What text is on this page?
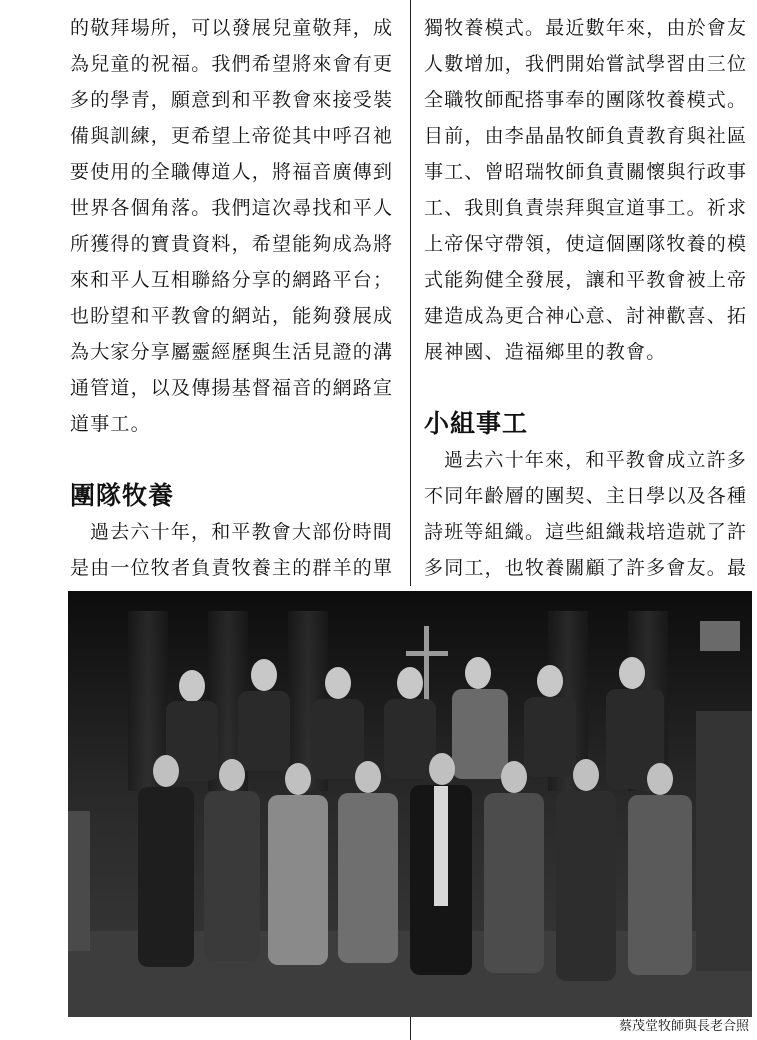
的敬拜場所，可以發展兒童敬拜，成為兒童的祝福。我們希望將來會有更多的學青，願意到和平教會來接受裝備與訓練，更希望上帝從其中呼召祂要使用的全職傳道人，將福音廣傳到世界各個角落。我們這次尋找和平人所獲得的寶貴資料，希望能夠成為將來和平人互相聯絡分享的網路平台；也盼望和平教會的網站，能夠發展成為大家分享屬靈經歷與生活見證的溝通管道，以及傳揚基督福音的網路宣道事工。

團隊牧養

過去六十年，和平教會大部份時間是由一位牧者負責牧養主的群羊的單

獨牧養模式。最近數年來，由於會友人數增加，我們開始嘗試學習由三位全職牧師配搭事奉的團隊牧養模式。目前，由李晶晶牧師負責教育與社區事工、曾昭瑞牧師負責關懷與行政事工、我則負責崇拜與宣道事工。祈求上帝保守帶領，使這個團隊牧養的模式能夠健全發展，讓和平教會被上帝建造成為更合神心意、討神歡喜、拓展神國、造福鄉里的教會。

小組事工

過去六十年來，和平教會成立許多不同年齡層的團契、主日學以及各種詩班等組織。這些組織栽培造就了許多同工，也牧養關顧了許多會友。最

蔡茂堂牧師與長老合照
